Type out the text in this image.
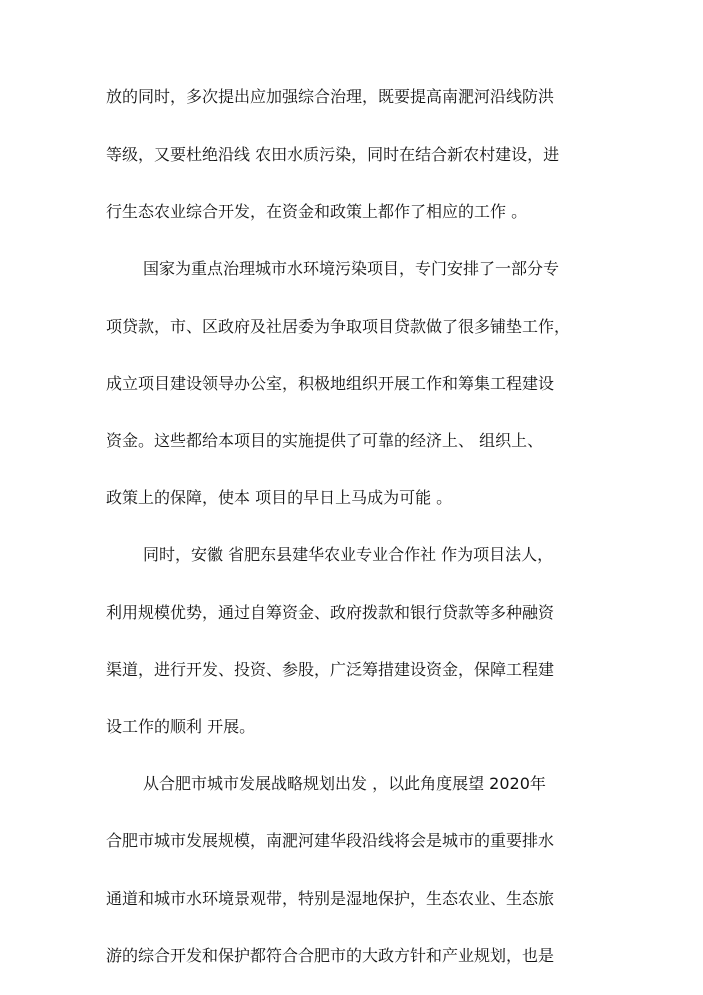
放的同时，多次提出应加强综合治理，既要提高南淝河沿线防洪
等级，又要杜绝沿线 农田水质污染，同时在结合新农村建设，进
行生态农业综合开发，在资金和政策上都作了相应的工作 。
国家为重点治理城市水环境污染项目，专门安排了一部分专
项贷款，市、区政府及社居委为争取项目贷款做了很多铺垫工作，
成立项目建设领导办公室，积极地组织开展工作和筹集工程建设
资金。这些都给本项目的实施提供了可靠的经济上、 组织上、
政策上的保障，使本 项目的早日上马成为可能 。
同时，安徽 省肥东县建华农业专业合作社 作为项目法人，
利用规模优势，通过自筹资金、政府拨款和银行贷款等多种融资
渠道，进行开发、投资、参股，广泛筹措建设资金，保障工程建
设工作的顺利 开展。
从合肥市城市发展战略规划出发 ，以此角度展望 2020年
合肥市城市发展规模，南淝河建华段沿线将会是城市的重要排水
通道和城市水环境景观带，特别是湿地保护，生态农业、生态旅
游的综合开发和保护都符合合肥市的大政方针和产业规划，也是
